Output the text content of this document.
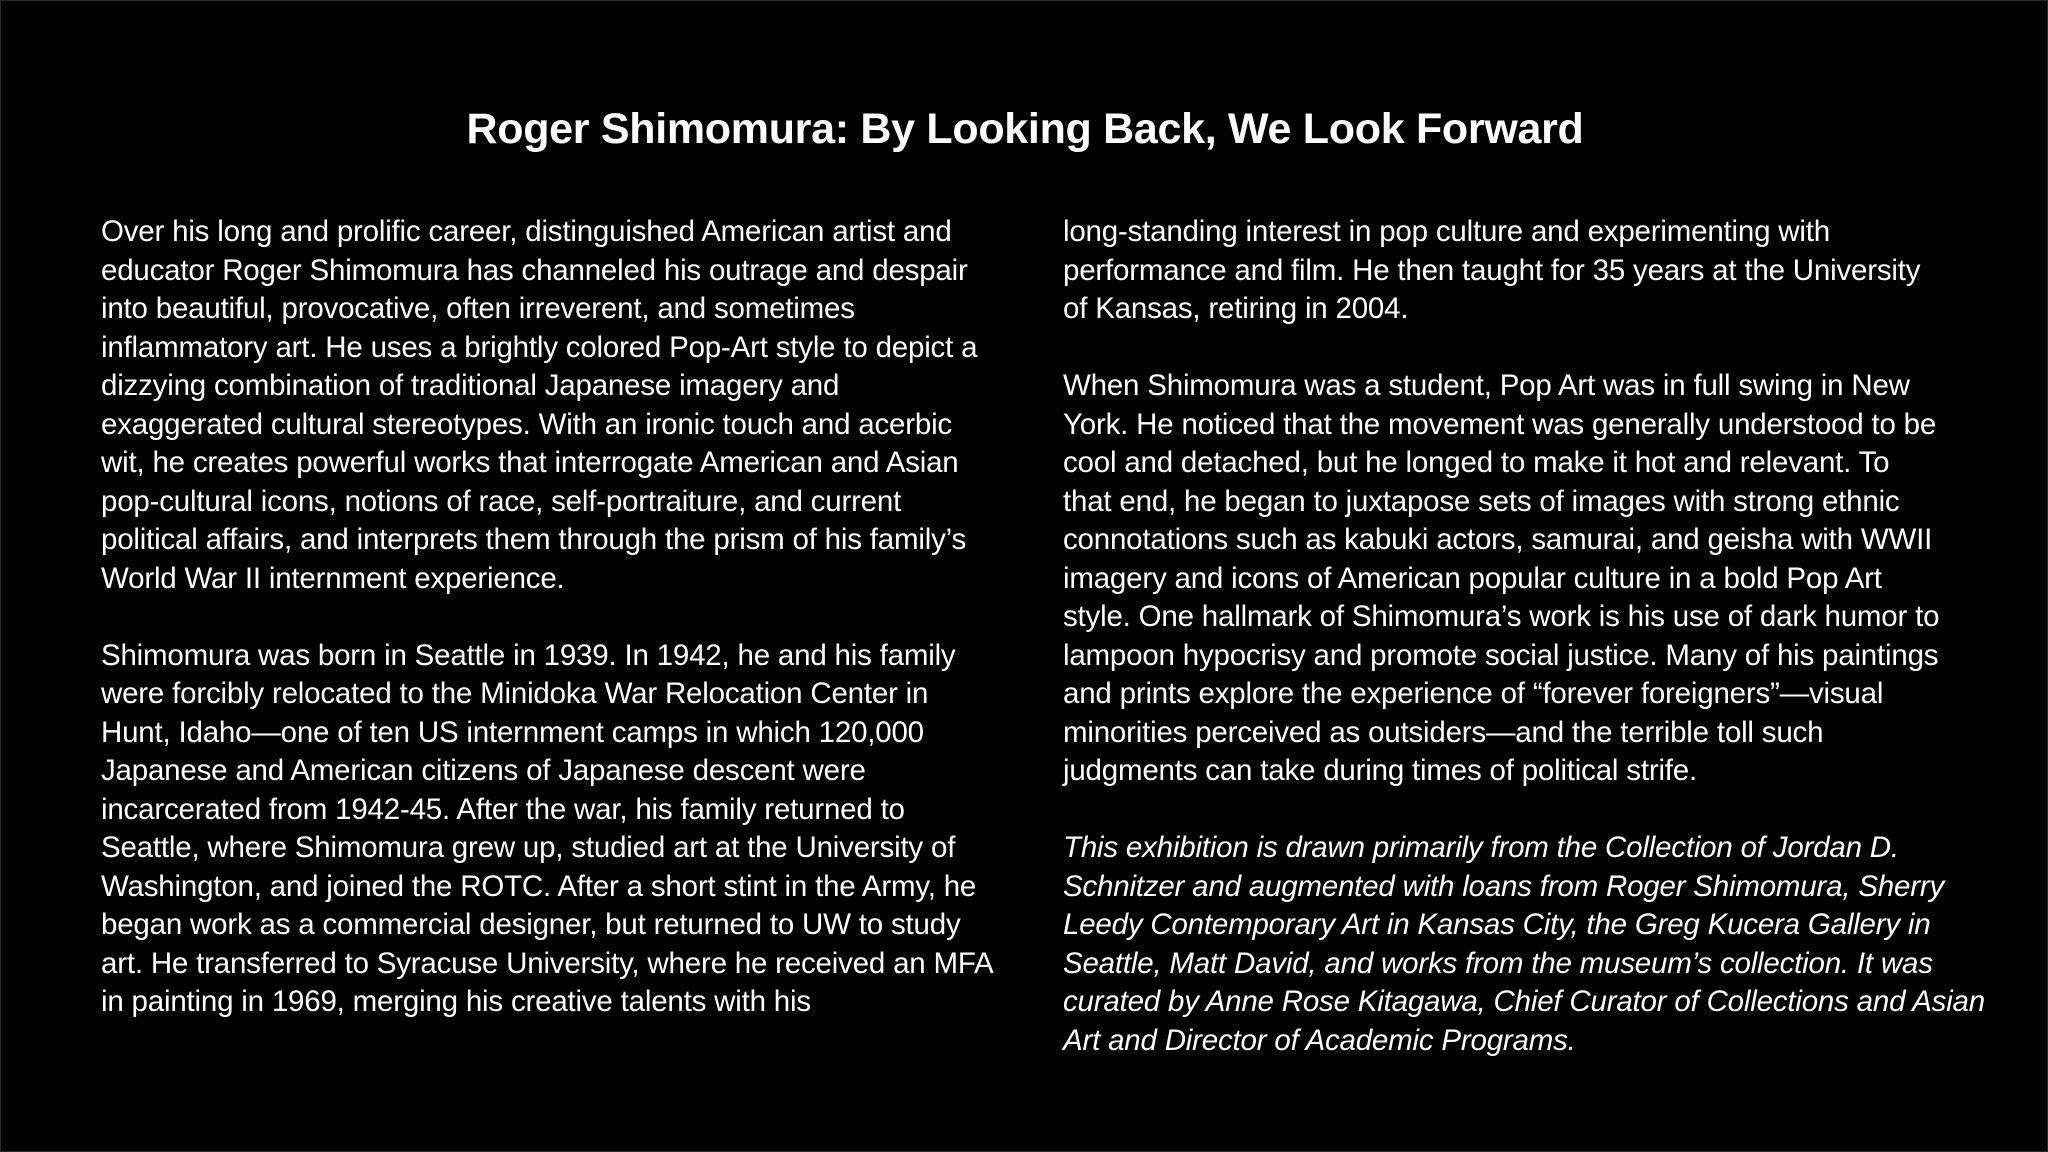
Roger Shimomura: By Looking Back, We Look Forward
Over his long and prolific career, distinguished American artist and
educator Roger Shimomura has channeled his outrage and despair
into beautiful, provocative, often irreverent, and sometimes
inflammatory art. He uses a brightly colored Pop-Art style to depict a
dizzying combination of traditional Japanese imagery and
exaggerated cultural stereotypes. With an ironic touch and acerbic
wit, he creates powerful works that interrogate American and Asian
pop-cultural icons, notions of race, self-portraiture, and current
political affairs, and interprets them through the prism of his family’s
World War II internment experience.
Shimomura was born in Seattle in 1939. In 1942, he and his family
were forcibly relocated to the Minidoka War Relocation Center in
Hunt, Idaho—one of ten US internment camps in which 120,000
Japanese and American citizens of Japanese descent were
incarcerated from 1942-45. After the war, his family returned to
Seattle, where Shimomura grew up, studied art at the University of
Washington, and joined the ROTC. After a short stint in the Army, he
began work as a commercial designer, but returned to UW to study
art. He transferred to Syracuse University, where he received an MFA
in painting in 1969, merging his creative talents with his
long-standing interest in pop culture and experimenting with
performance and film. He then taught for 35 years at the University
of Kansas, retiring in 2004.
When Shimomura was a student, Pop Art was in full swing in New
York. He noticed that the movement was generally understood to be
cool and detached, but he longed to make it hot and relevant. To
that end, he began to juxtapose sets of images with strong ethnic
connotations such as kabuki actors, samurai, and geisha with WWII
imagery and icons of American popular culture in a bold Pop Art
style. One hallmark of Shimomura’s work is his use of dark humor to
lampoon hypocrisy and promote social justice. Many of his paintings
and prints explore the experience of “forever foreigners”—visual
minorities perceived as outsiders—and the terrible toll such
judgments can take during times of political strife.
This exhibition is drawn primarily from the Collection of Jordan D.
Schnitzer and augmented with loans from Roger Shimomura, Sherry
Leedy Contemporary Art in Kansas City, the Greg Kucera Gallery in
Seattle, Matt David, and works from the museum’s collection. It was
curated by Anne Rose Kitagawa, Chief Curator of Collections and Asian
Art and Director of Academic Programs.
